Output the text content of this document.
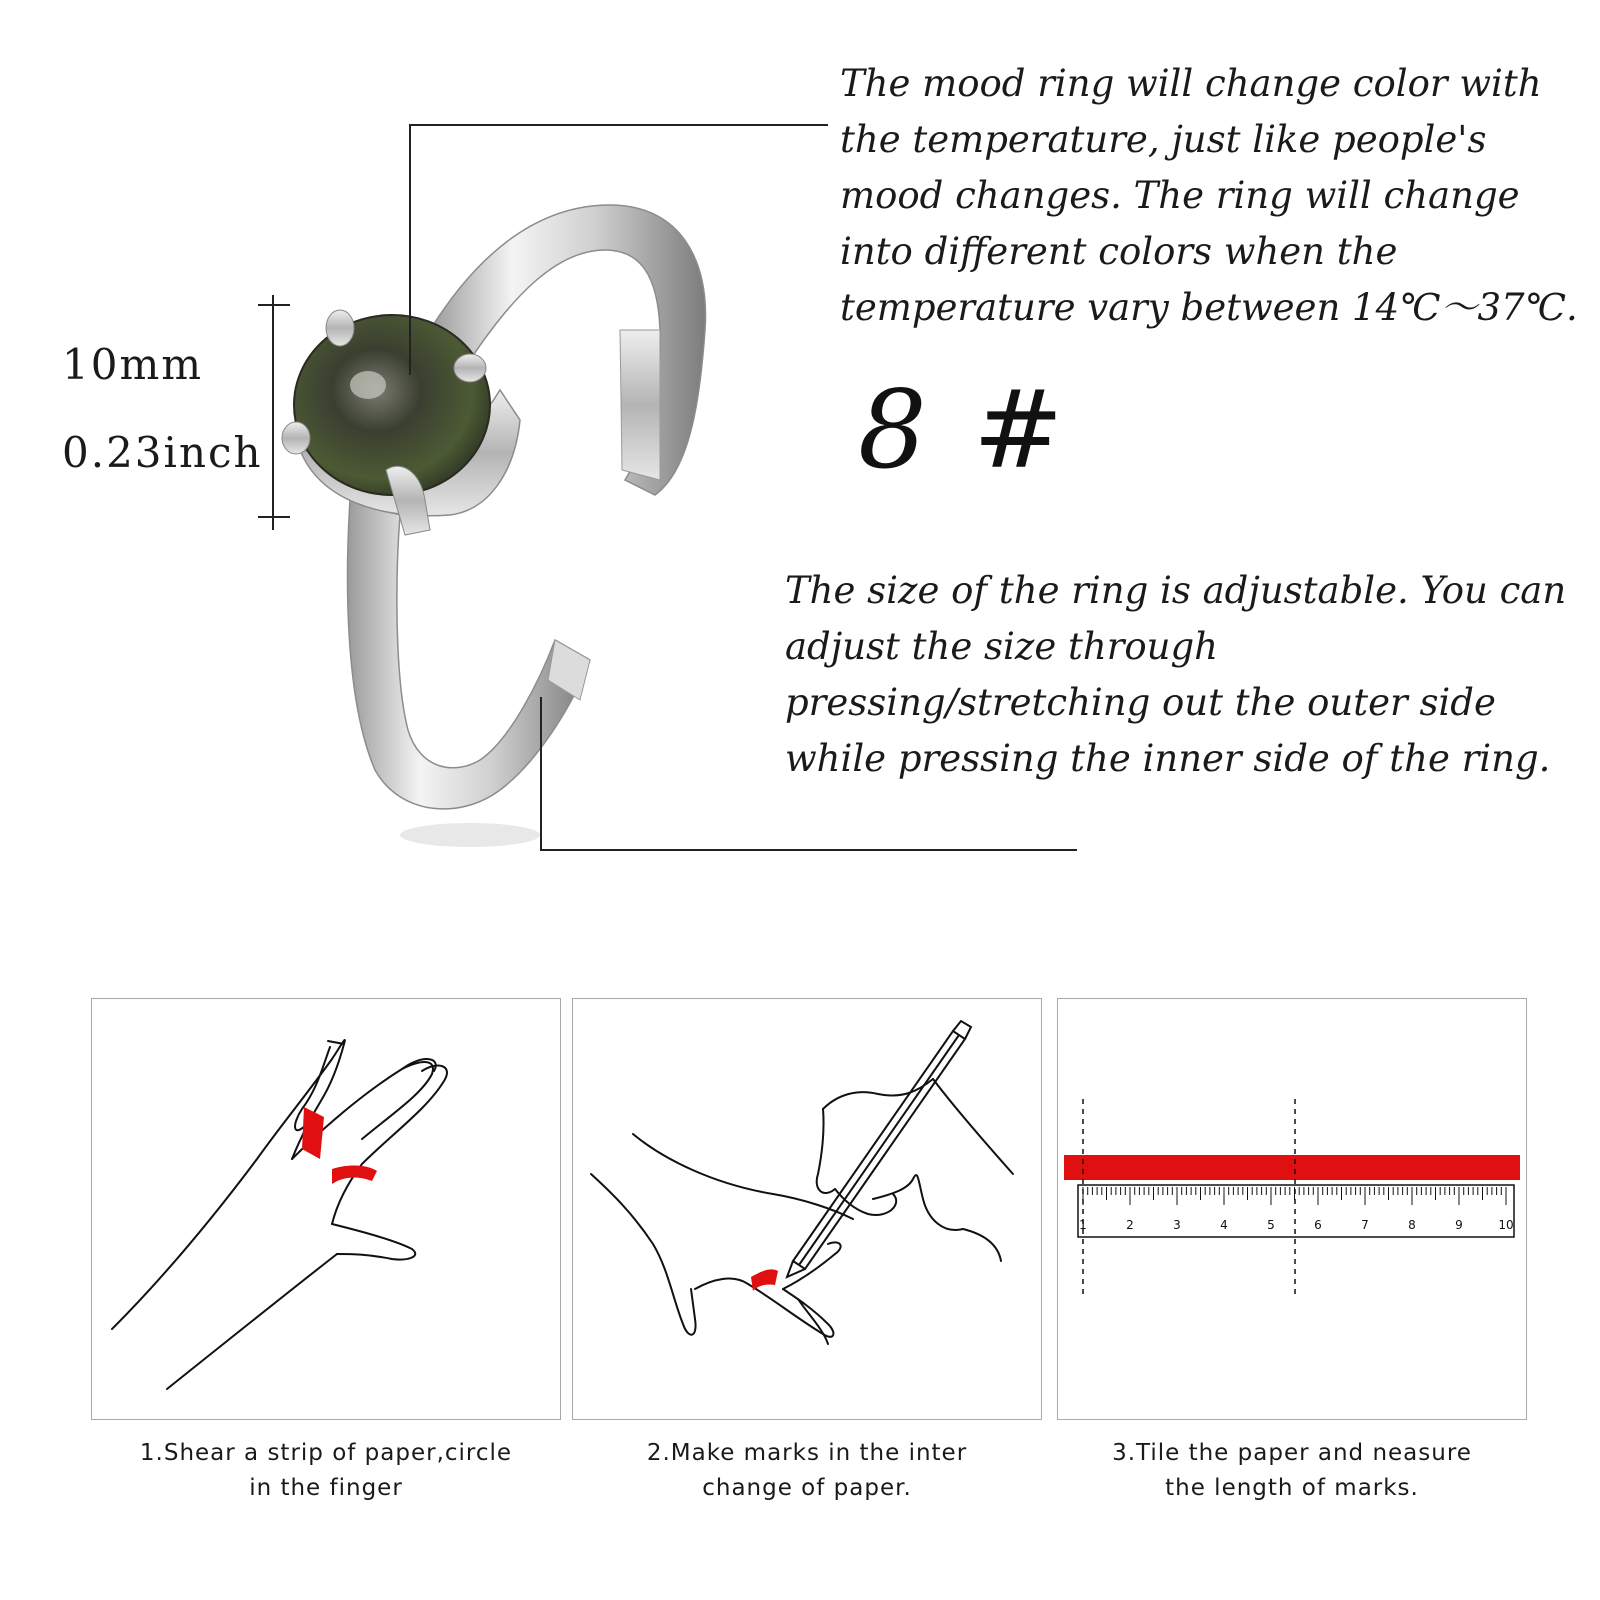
10mm
0.23inch

The mood ring will change color with the temperature, just like people's mood changes. The ring will change into different colors when the temperature vary between 14℃～37℃.

8 #

The size of the ring is adjustable. You can adjust the size through pressing/stretching out the outer side while pressing the inner side of the ring.

1	2	3	4	5	6	7	8	9	10

1.Shear a strip of paper,circle
in the finger

2.Make marks in the inter
change of paper.

3.Tile the paper and neasure
the length of marks.
